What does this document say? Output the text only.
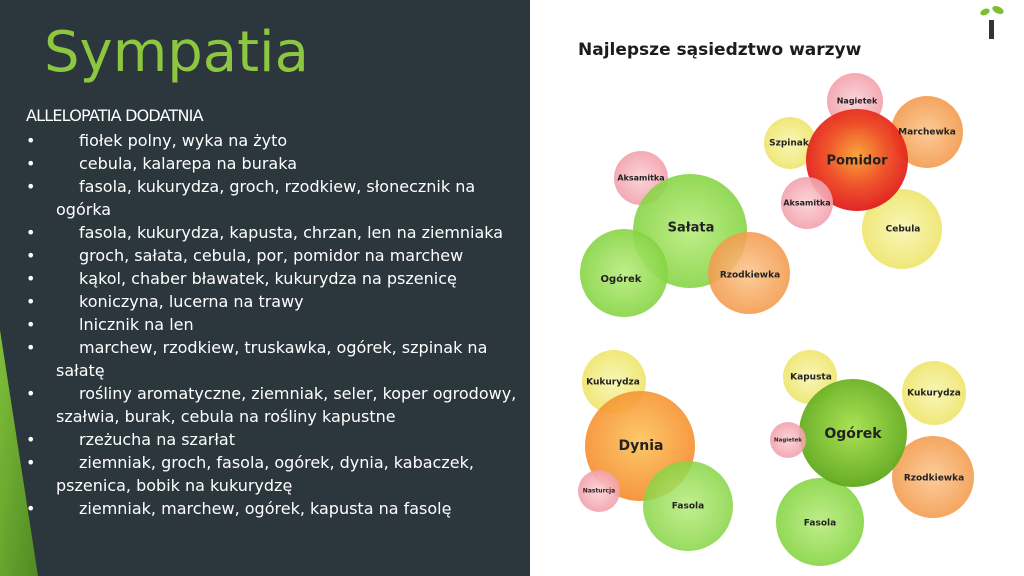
Sympatia
ALLELOPATIA DODATNIA
•	fiołek polny, wyka na żyto
•	cebula, kalarepa na buraka
•	fasola, kukurydza, groch, rzodkiew, słonecznik na ogórka
•	fasola, kukurydza, kapusta, chrzan, len na ziemniaka
•	groch, sałata, cebula, por, pomidor na marchew
•	kąkol, chaber bławatek, kukurydza na pszenicę
•	koniczyna, lucerna na trawy
•	lnicznik na len
•	marchew, rzodkiew, truskawka, ogórek, szpinak na sałatę
•	rośliny aromatyczne, ziemniak, seler, koper ogrodowy, szałwia, burak, cebula na rośliny kapustne
•	rzeżucha na szarłat
•	ziemniak, groch, fasola, ogórek, dynia, kabaczek, pszenica, bobik na kukurydzę
•	ziemniak, marchew, ogórek, kapusta na fasolę
Najlepsze sąsiedztwo warzyw
Nagietek
Marchewka
Szpinak
Aksamitka
Cebula
Pomidor
Aksamitka
Ogórek	Rzodkiewka
Sałata
Kukurydza
Nasturcja
Fasola
Dynia
Kapusta
Kukurydza
Nagietek
Rzodkiewka
Fasola
Ogórek
